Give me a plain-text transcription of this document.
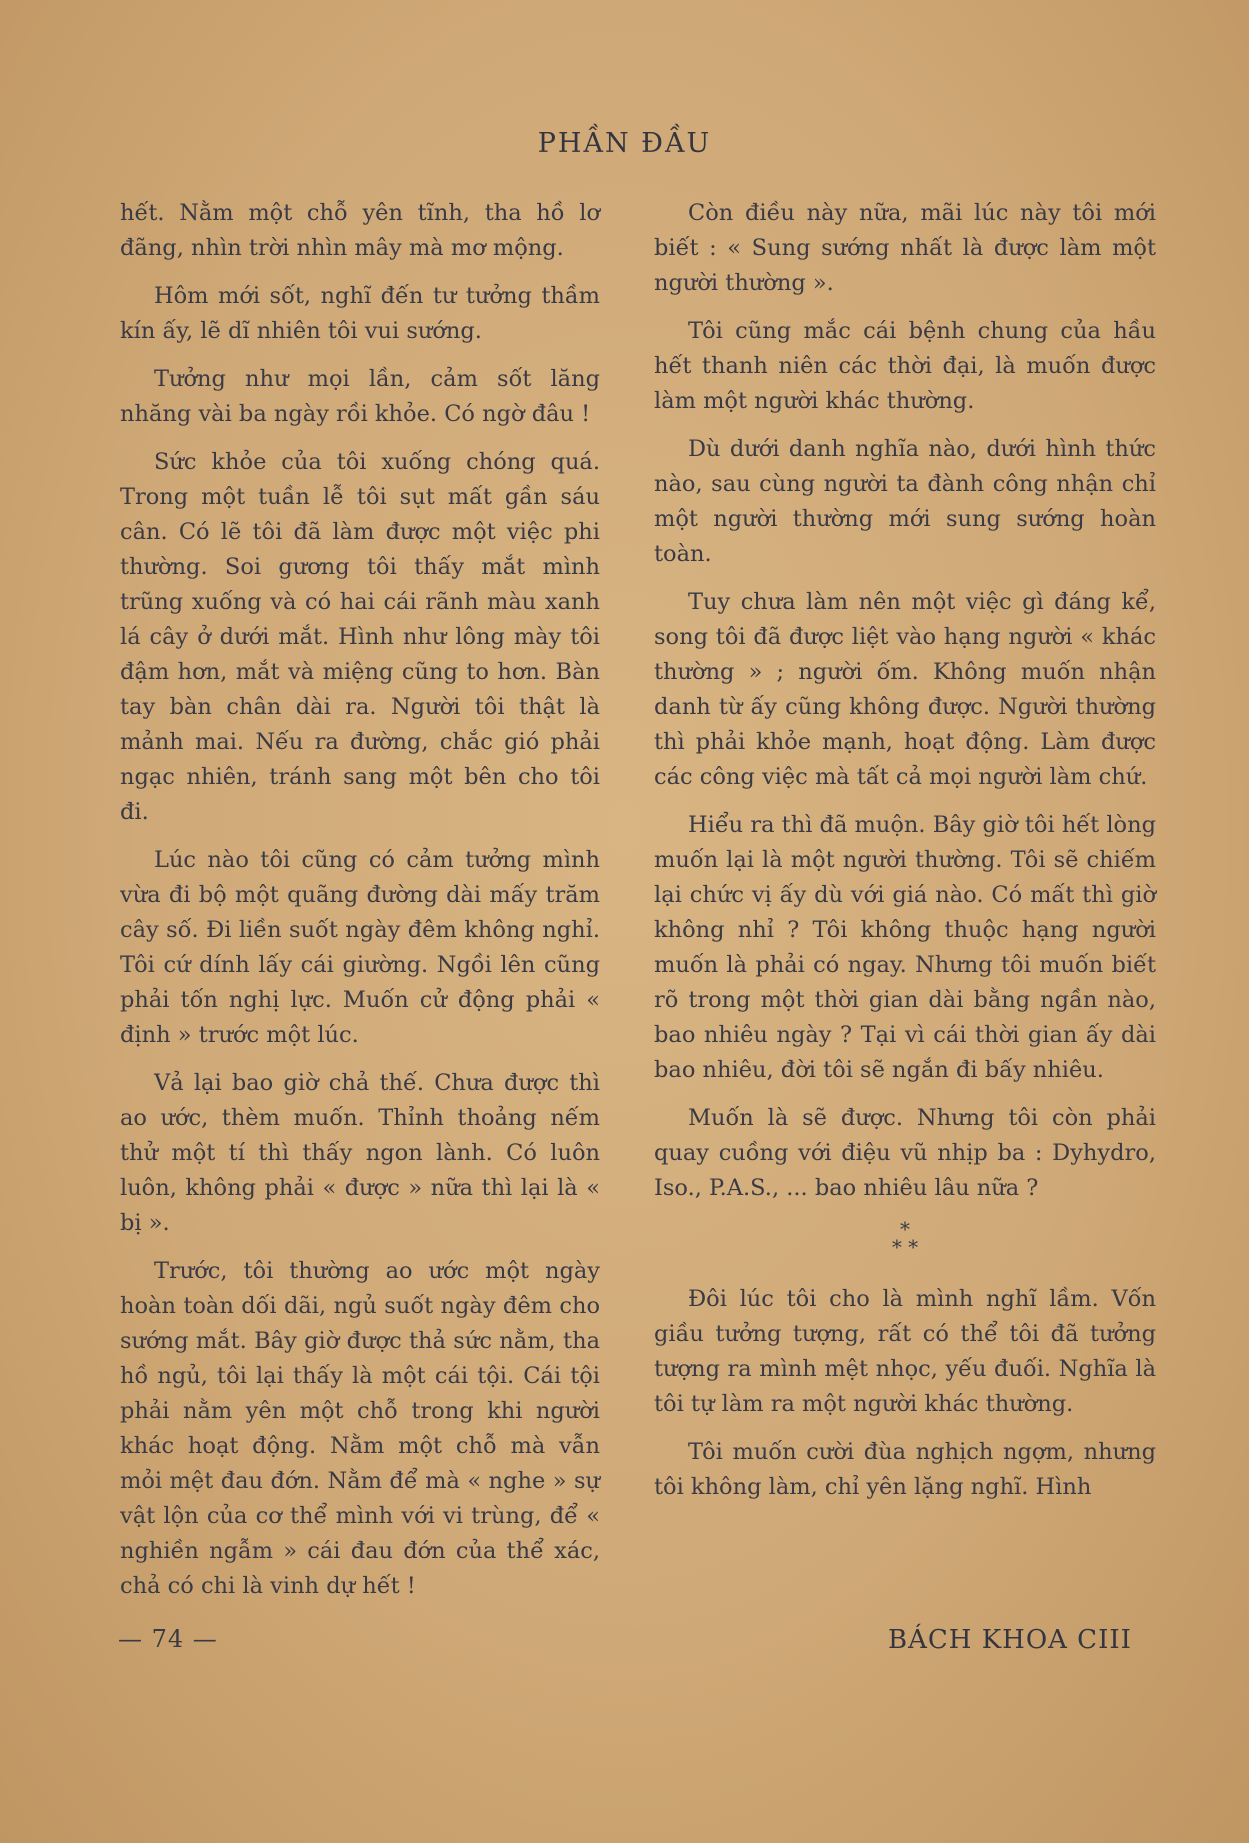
PHẦN ĐẦU

hết. Nằm một chỗ yên tĩnh, tha hồ lơ đãng, nhìn trời nhìn mây mà mơ mộng.

Hôm mới sốt, nghĩ đến tư tưởng thầm kín ấy, lẽ dĩ nhiên tôi vui sướng.

Tưởng như mọi lần, cảm sốt lăng nhăng vài ba ngày rồi khỏe. Có ngờ đâu !

Sức khỏe của tôi xuống chóng quá. Trong một tuần lễ tôi sụt mất gần sáu cân. Có lẽ tôi đã làm được một việc phi thường. Soi gương tôi thấy mắt mình trũng xuống và có hai cái rãnh màu xanh lá cây ở dưới mắt. Hình như lông mày tôi đậm hơn, mắt và miệng cũng to hơn. Bàn tay bàn chân dài ra. Người tôi thật là mảnh mai. Nếu ra đường, chắc gió phải ngạc nhiên, tránh sang một bên cho tôi đi.

Lúc nào tôi cũng có cảm tưởng mình vừa đi bộ một quãng đường dài mấy trăm cây số. Đi liền suốt ngày đêm không nghỉ. Tôi cứ dính lấy cái giường. Ngồi lên cũng phải tốn nghị lực. Muốn cử động phải « định » trước một lúc.

Vả lại bao giờ chả thế. Chưa được thì ao ước, thèm muốn. Thỉnh thoảng nếm thử một tí thì thấy ngon lành. Có luôn luôn, không phải « được » nữa thì lại là « bị ».

Trước, tôi thường ao ước một ngày hoàn toàn dối dãi, ngủ suốt ngày đêm cho sướng mắt. Bây giờ được thả sức nằm, tha hồ ngủ, tôi lại thấy là một cái tội. Cái tội phải nằm yên một chỗ trong khi người khác hoạt động. Nằm một chỗ mà vẫn mỏi mệt đau đớn. Nằm để mà « nghe » sự vật lộn của cơ thể mình với vi trùng, để « nghiền ngẫm » cái đau đớn của thể xác, chả có chi là vinh dự hết !

Còn điều này nữa, mãi lúc này tôi mới biết : « Sung sướng nhất là được làm một người thường ».

Tôi cũng mắc cái bệnh chung của hầu hết thanh niên các thời đại, là muốn được làm một người khác thường.

Dù dưới danh nghĩa nào, dưới hình thức nào, sau cùng người ta đành công nhận chỉ một người thường mới sung sướng hoàn toàn.

Tuy chưa làm nên một việc gì đáng kể, song tôi đã được liệt vào hạng người « khác thường » ; người ốm. Không muốn nhận danh từ ấy cũng không được. Người thường thì phải khỏe mạnh, hoạt động. Làm được các công việc mà tất cả mọi người làm chứ.

Hiểu ra thì đã muộn. Bây giờ tôi hết lòng muốn lại là một người thường. Tôi sẽ chiếm lại chức vị ấy dù với giá nào. Có mất thì giờ không nhỉ ? Tôi không thuộc hạng người muốn là phải có ngay. Nhưng tôi muốn biết rõ trong một thời gian dài bằng ngần nào, bao nhiêu ngày ? Tại vì cái thời gian ấy dài bao nhiêu, đời tôi sẽ ngắn đi bấy nhiêu.

Muốn là sẽ được. Nhưng tôi còn phải quay cuồng với điệu vũ nhịp ba : Dyhydro, Iso., P.A.S., ... bao nhiêu lâu nữa ?

*
* *

Đôi lúc tôi cho là mình nghĩ lầm. Vốn giầu tưởng tượng, rất có thể tôi đã tưởng tượng ra mình mệt nhọc, yếu đuối. Nghĩa là tôi tự làm ra một người khác thường.

Tôi muốn cười đùa nghịch ngợm, nhưng tôi không làm, chỉ yên lặng nghĩ. Hình

— 74 —	BÁCH KHOA CIII
